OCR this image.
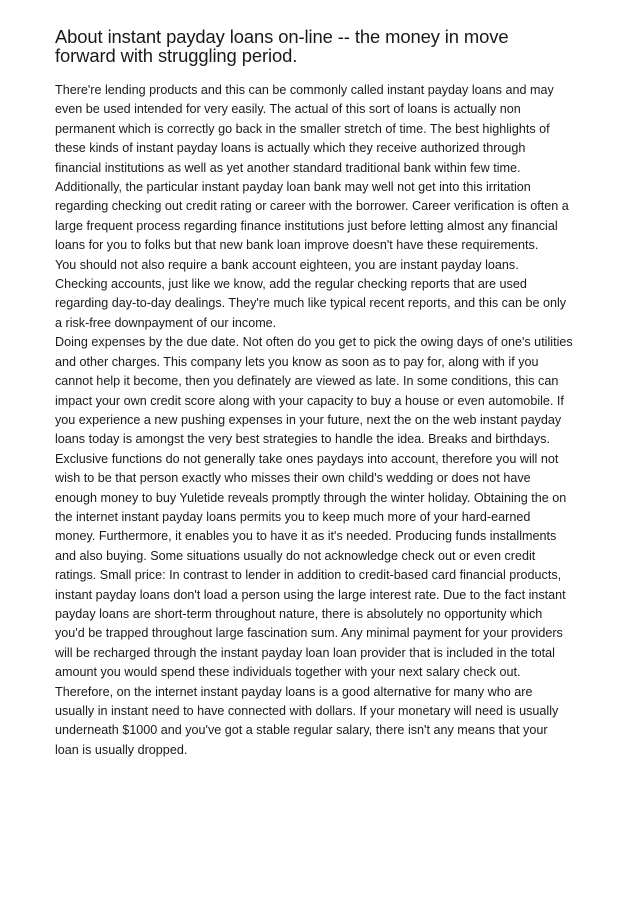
About instant payday loans on-line -- the money in move
forward with struggling period.

There're lending products and this can be commonly called instant payday loans and may

even be used intended for very easily. The actual of this sort of loans is actually non

permanent which is correctly go back in the smaller stretch of time. The best highlights of

these kinds of instant payday loans is actually which they receive authorized through

financial institutions as well as yet another standard traditional bank within few time.

Additionally, the particular instant payday loan bank may well not get into this irritation

regarding checking out credit rating or career with the borrower. Career verification is often a

large frequent process regarding finance institutions just before letting almost any financial

loans for you to folks but that new bank loan improve doesn't have these requirements.

You should not also require a bank account eighteen, you are instant payday loans.

Checking accounts, just like we know, add the regular checking reports that are used

regarding day-to-day dealings. They're much like typical recent reports, and this can be only

a risk-free downpayment of our income.

Doing expenses by the due date. Not often do you get to pick the owing days of one's utilities

and other charges. This company lets you know as soon as to pay for, along with if you

cannot help it become, then you definately are viewed as late. In some conditions, this can

impact your own credit score along with your capacity to buy a house or even automobile. If

you experience a new pushing expenses in your future, next the on the web instant payday

loans today is amongst the very best strategies to handle the idea. Breaks and birthdays.

Exclusive functions do not generally take ones paydays into account, therefore you will not

wish to be that person exactly who misses their own child's wedding or does not have

enough money to buy Yuletide reveals promptly through the winter holiday. Obtaining the on

the internet instant payday loans permits you to keep much more of your hard-earned

money. Furthermore, it enables you to have it as it's needed. Producing funds installments

and also buying. Some situations usually do not acknowledge check out or even credit

ratings. Small price: In contrast to lender in addition to credit-based card financial products,

instant payday loans don't load a person using the large interest rate. Due to the fact instant

payday loans are short-term throughout nature, there is absolutely no opportunity which

you'd be trapped throughout large fascination sum. Any minimal payment for your providers

will be recharged through the instant payday loan loan provider that is included in the total

amount you would spend these individuals together with your next salary check out.

Therefore, on the internet instant payday loans is a good alternative for many who are

usually in instant need to have connected with dollars. If your monetary will need is usually

underneath $1000 and you've got a stable regular salary, there isn't any means that your

loan is usually dropped.
